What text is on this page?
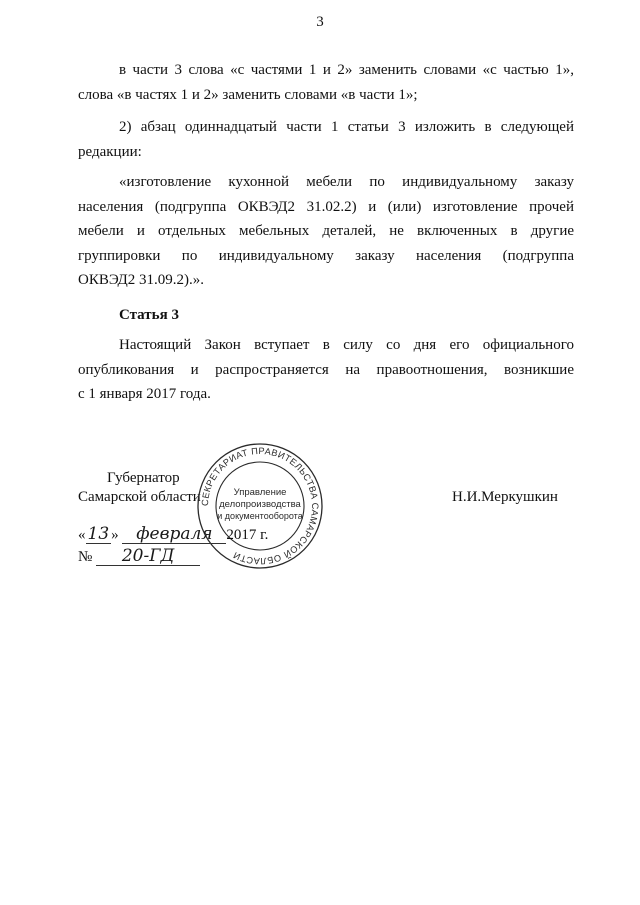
3

в части 3 слова «с частями 1 и 2» заменить словами «с частью 1»,

слова «в частях 1 и 2» заменить словами «в части 1»;

2) абзац одиннадцатый части 1 статьи 3 изложить в следующей

редакции:

«изготовление кухонной мебели по индивидуальному заказу

населения (подгруппа ОКВЭД2 31.02.2) и (или) изготовление прочей

мебели и отдельных мебельных деталей, не включенных в другие

группировки по индивидуальному заказу населения (подгруппа

ОКВЭД2 31.09.2).».

Статья 3

Настоящий Закон вступает в силу со дня его официального

опубликования и распространяется на правоотношения, возникшие

с 1 января 2017 года.

Губернатор
Самарской области	Н.И.Меркушкин
СЕКРЕТАРИАТ ПРАВИТЕЛЬСТВА САМАРСКОЙ ОБЛАСТИ
Управление
делопроизводства
и документооборота
« 13 » февраля 2017 г.
№ 20-ГД
